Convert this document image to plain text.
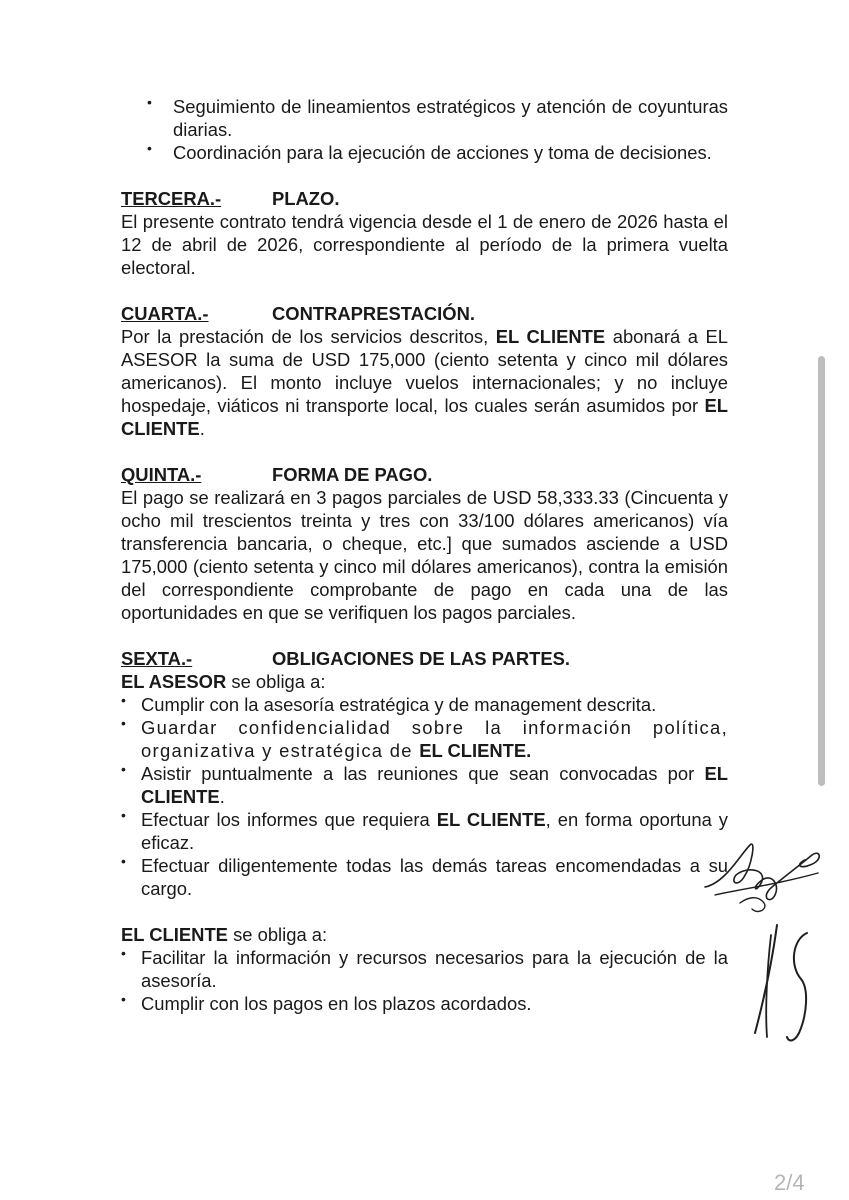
• Seguimiento de lineamientos estratégicos y atención de coyunturas diarias.
• Coordinación para la ejecución de acciones y toma de decisiones.
TERCERA.-	PLAZO.
El presente contrato tendrá vigencia desde el 1 de enero de 2026 hasta el 12 de abril de 2026, correspondiente al período de la primera vuelta electoral.
CUARTA.-	CONTRAPRESTACIÓN.
Por la prestación de los servicios descritos, EL CLIENTE abonará a EL ASESOR la suma de USD 175,000 (ciento setenta y cinco mil dólares americanos). El monto incluye vuelos internacionales; y no incluye hospedaje, viáticos ni transporte local, los cuales serán asumidos por EL CLIENTE.
QUINTA.-	FORMA DE PAGO.
El pago se realizará en 3 pagos parciales de USD 58,333.33 (Cincuenta y ocho mil trescientos treinta y tres con 33/100 dólares americanos) vía transferencia bancaria, o cheque, etc.] que sumados asciende a USD 175,000 (ciento setenta y cinco mil dólares americanos), contra la emisión del correspondiente comprobante de pago en cada una de las oportunidades en que se verifiquen los pagos parciales.
SEXTA.-	OBLIGACIONES DE LAS PARTES.
EL ASESOR se obliga a:
• Cumplir con la asesoría estratégica y de management descrita.
• Guardar confidencialidad sobre la información política, organizativa y estratégica de EL CLIENTE.
• Asistir puntualmente a las reuniones que sean convocadas por EL CLIENTE.
• Efectuar los informes que requiera EL CLIENTE, en forma oportuna y eficaz.
• Efectuar diligentemente todas las demás tareas encomendadas a su cargo.
EL CLIENTE se obliga a:
• Facilitar la información y recursos necesarios para la ejecución de la asesoría.
• Cumplir con los pagos en los plazos acordados.
2/4
